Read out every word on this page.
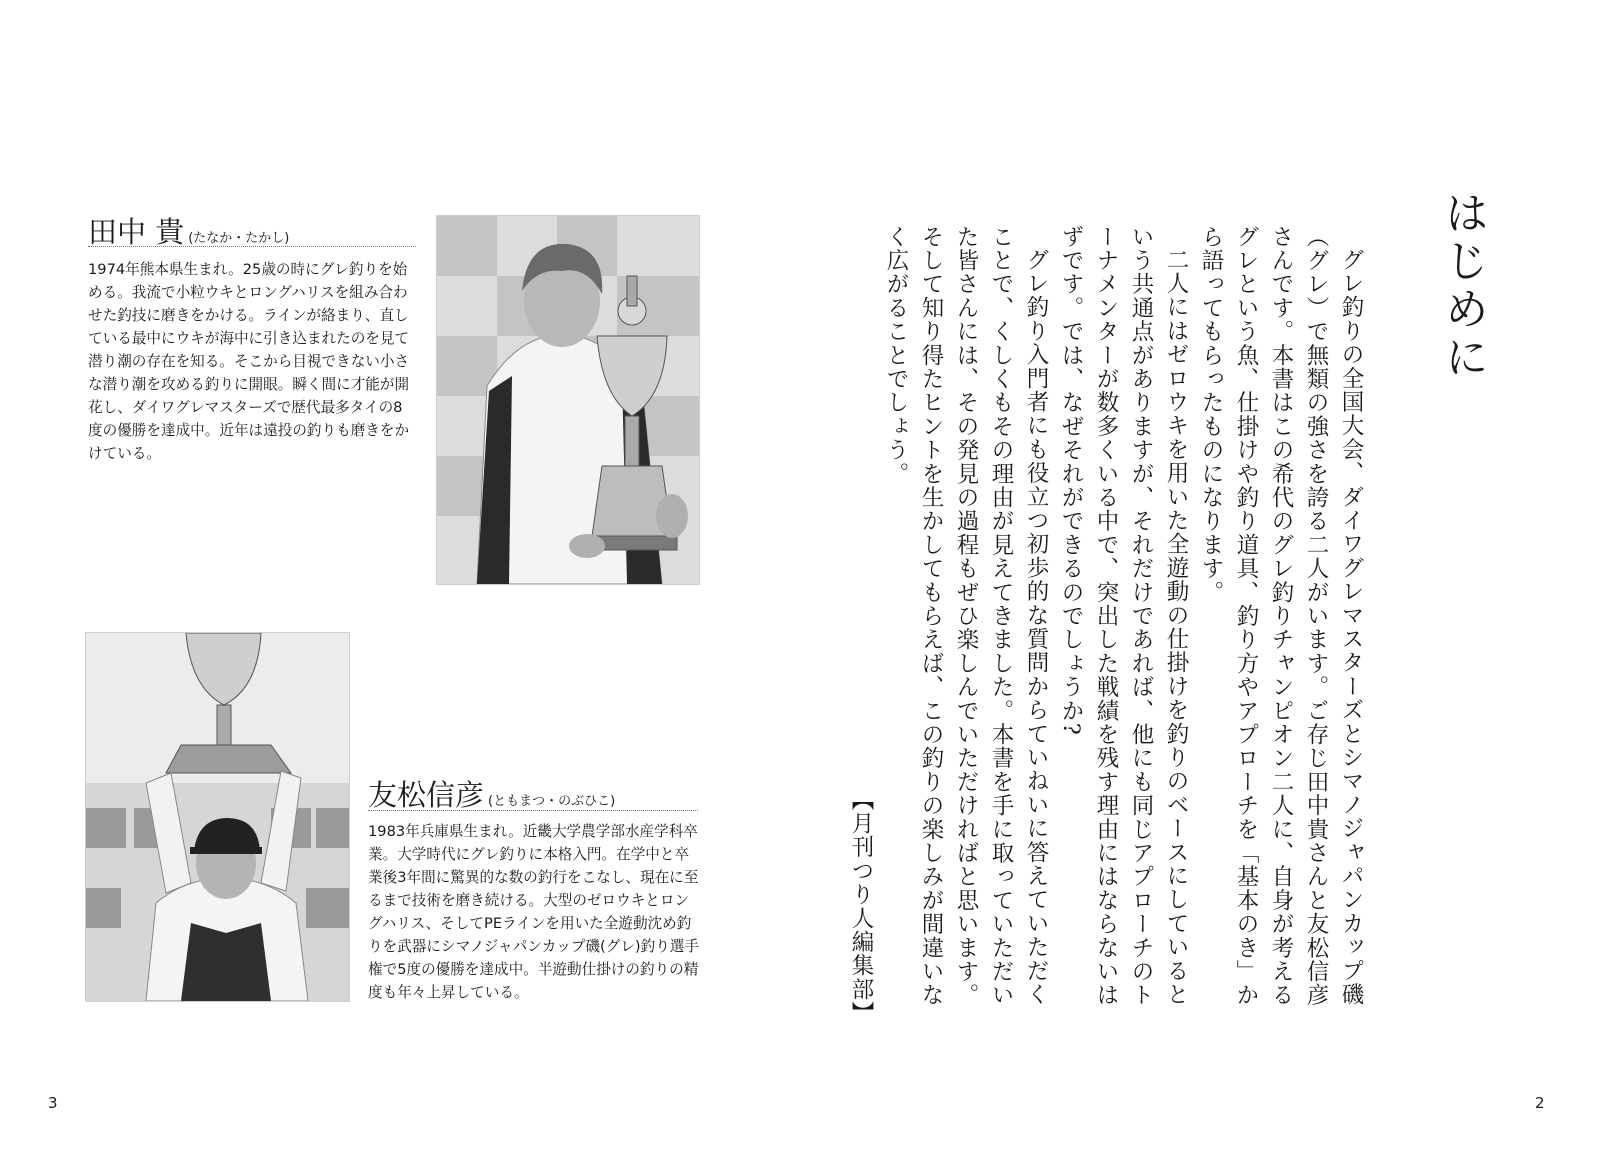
田中 貴 (たなか・たかし)
1974年熊本県生まれ。25歳の時にグレ釣りを始める。我流で小粒ウキとロングハリスを組み合わせた釣技に磨きをかける。ラインが絡まり、直している最中にウキが海中に引き込まれたのを見て潜り潮の存在を知る。そこから目視できない小さな潜り潮を攻める釣りに開眼。瞬く間に才能が開花し、ダイワグレマスターズで歴代最多タイの8度の優勝を達成中。近年は遠投の釣りも磨きをかけている。
友松信彦 (ともまつ・のぶひこ)
1983年兵庫県生まれ。近畿大学農学部水産学科卒業。大学時代にグレ釣りに本格入門。在学中と卒業後3年間に驚異的な数の釣行をこなし、現在に至るまで技術を磨き続ける。大型のゼロウキとロングハリス、そしてPEラインを用いた全遊動沈め釣りを武器にシマノジャパンカップ磯(グレ)釣り選手権で5度の優勝を達成中。半遊動仕掛けの釣りの精度も年々上昇している。
3
はじめに

グレ釣りの全国大会、ダイワグレマスターズとシマノジャパンカップ磯（グレ）で無類の強さを誇る二人がいます。ご存じ田中貴さんと友松信彦さんです。本書はこの希代のグレ釣りチャンピオン二人に、自身が考えるグレという魚、仕掛けや釣り道具、釣り方やアプローチを「基本のき」から語ってもらったものになります。

二人にはゼロウキを用いた全遊動の仕掛けを釣りのベースにしているという共通点がありますが、それだけであれば、他にも同じアプローチのトーナメンターが数多くいる中で、突出した戦績を残す理由にはならないはずです。では、なぜそれができるのでしょうか?

グレ釣り入門者にも役立つ初歩的な質問からていねいに答えていただくことで、くしくもその理由が見えてきました。本書を手に取っていただいた皆さんには、その発見の過程もぜひ楽しんでいただければと思います。そして知り得たヒントを生かしてもらえば、この釣りの楽しみが間違いなく広がることでしょう。

【月刊つり人編集部】

2
